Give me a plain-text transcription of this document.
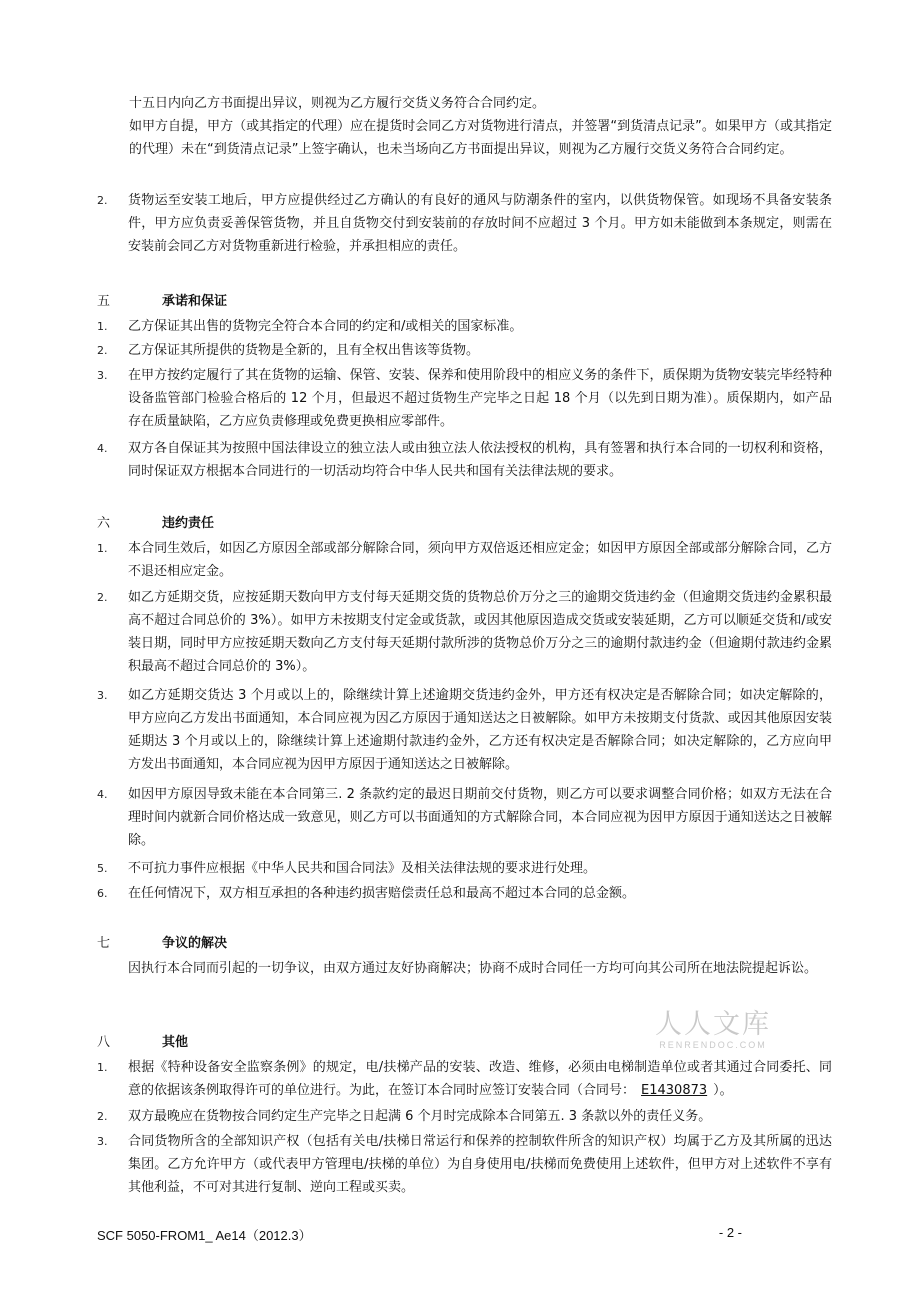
十五日内向乙方书面提出异议，则视为乙方履行交货义务符合合同约定。

如甲方自提，甲方（或其指定的代理）应在提货时会同乙方对货物进行清点，并签署“到货清点记录”。如果甲方（或其指定的代理）未在“到货清点记录”上签字确认，也未当场向乙方书面提出异议，则视为乙方履行交货义务符合合同约定。

2.	货物运至安装工地后，甲方应提供经过乙方确认的有良好的通风与防潮条件的室内，以供货物保管。如现场不具备安装条件，甲方应负责妥善保管货物，并且自货物交付到安装前的存放时间不应超过 3 个月。甲方如未能做到本条规定，则需在安装前会同乙方对货物重新进行检验，并承担相应的责任。
五	承诺和保证
1.	乙方保证其出售的货物完全符合本合同的约定和/或相关的国家标准。
2.	乙方保证其所提供的货物是全新的，且有全权出售该等货物。
3.	在甲方按约定履行了其在货物的运输、保管、安装、保养和使用阶段中的相应义务的条件下，质保期为货物安装完毕经特种设备监管部门检验合格后的 12 个月，但最迟不超过货物生产完毕之日起 18 个月（以先到日期为准）。质保期内，如产品存在质量缺陷，乙方应负责修理或免费更换相应零部件。
4.	双方各自保证其为按照中国法律设立的独立法人或由独立法人依法授权的机构，具有签署和执行本合同的一切权利和资格，同时保证双方根据本合同进行的一切活动均符合中华人民共和国有关法律法规的要求。
六	违约责任
1.	本合同生效后，如因乙方原因全部或部分解除合同，须向甲方双倍返还相应定金；如因甲方原因全部或部分解除合同，乙方不退还相应定金。
2.	如乙方延期交货，应按延期天数向甲方支付每天延期交货的货物总价万分之三的逾期交货违约金（但逾期交货违约金累积最高不超过合同总价的 3%）。如甲方未按期支付定金或货款，或因其他原因造成交货或安装延期，乙方可以顺延交货和/或安装日期，同时甲方应按延期天数向乙方支付每天延期付款所涉的货物总价万分之三的逾期付款违约金（但逾期付款违约金累积最高不超过合同总价的 3%）。
3.	如乙方延期交货达 3 个月或以上的，除继续计算上述逾期交货违约金外，甲方还有权决定是否解除合同；如决定解除的，甲方应向乙方发出书面通知，本合同应视为因乙方原因于通知送达之日被解除。如甲方未按期支付货款、或因其他原因安装延期达 3 个月或以上的，除继续计算上述逾期付款违约金外，乙方还有权决定是否解除合同；如决定解除的，乙方应向甲方发出书面通知，本合同应视为因甲方原因于通知送达之日被解除。
4.	如因甲方原因导致未能在本合同第三. 2 条款约定的最迟日期前交付货物，则乙方可以要求调整合同价格；如双方无法在合理时间内就新合同价格达成一致意见，则乙方可以书面通知的方式解除合同，本合同应视为因甲方原因于通知送达之日被解除。
5.	不可抗力事件应根据《中华人民共和国合同法》及相关法律法规的要求进行处理。
6.	在任何情况下，双方相互承担的各种违约损害赔偿责任总和最高不超过本合同的总金额。
七	争议的解决
因执行本合同而引起的一切争议，由双方通过友好协商解决；协商不成时合同任一方均可向其公司所在地法院提起诉讼。
八	其他
1.	根据《特种设备安全监察条例》的规定，电/扶梯产品的安装、改造、维修，必须由电梯制造单位或者其通过合同委托、同意的依据该条例取得许可的单位进行。为此，在签订本合同时应签订安装合同（合同号： E1430873 ）。
2.	双方最晚应在货物按合同约定生产完毕之日起满 6 个月时完成除本合同第五. 3 条款以外的责任义务。
3.	合同货物所含的全部知识产权（包括有关电/扶梯日常运行和保养的控制软件所含的知识产权）均属于乙方及其所属的迅达集团。乙方允许甲方（或代表甲方管理电/扶梯的单位）为自身使用电/扶梯而免费使用上述软件，但甲方对上述软件不享有其他利益，不可对其进行复制、逆向工程或买卖。
人人文库
RENRENDOC.COM
SCF 5050-FROM1_ Ae14（2012.3）	- 2 -
